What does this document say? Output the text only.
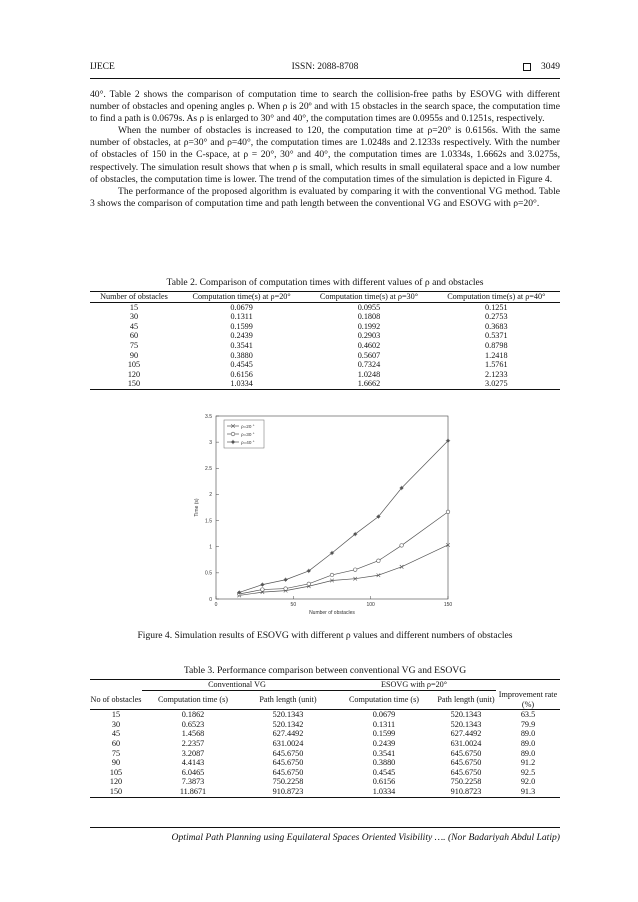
IJECE	ISSN: 2088-8708	3049

40°. Table 2 shows the comparison of computation time to search the collision-free paths by ESOVG with different number of obstacles and opening angles ρ. When ρ is 20º and with 15 obstacles in the search space, the computation time to find a path is 0.0679s. As ρ is enlarged to 30° and 40°, the computation times are 0.0955s and 0.1251s, respectively.

When the number of obstacles is increased to 120, the computation time at ρ=20° is 0.6156s. With the same number of obstacles, at ρ=30° and ρ=40°, the computation times are 1.0248s and 2.1233s respectively. With the number of obstacles of 150 in the C-space, at ρ = 20°, 30° and 40°, the computation times are 1.0334s, 1.6662s and 3.0275s, respectively. The simulation result shows that when ρ is small, which results in small equilateral space and a low number of obstacles, the computation time is lower. The trend of the computation times of the simulation is depicted in Figure 4.

The performance of the proposed algorithm is evaluated by comparing it with the conventional VG method. Table 3 shows the comparison of computation time and path length between the conventional VG and ESOVG with ρ=20°.

Table 2. Comparison of computation times with different values of ρ and obstacles
Number of obstacles	Computation time(s) at ρ=20°	Computation time(s) at ρ=30°	Computation time(s) at ρ=40°
15	0.0679	0.0955	0.1251
30	0.1311	0.1808	0.2753
45	0.1599	0.1992	0.3683
60	0.2439	0.2903	0.5371
75	0.3541	0.4602	0.8798
90	0.3880	0.5607	1.2418
105	0.4545	0.7324	1.5761
120	0.6156	1.0248	2.1233
150	1.0334	1.6662	3.0275
0	50	100	150
0
0.5
1
1.5
2
2.5
3
3.5
Number of obstacles
Time (s)
ρ=20 °
ρ=30 °
ρ=40 °
Figure 4. Simulation results of ESOVG with different ρ values and different numbers of obstacles
Table 3. Performance comparison between conventional VG and ESOVG
	Conventional VG		ESOVG with ρ=20°		
No of obstacles	Computation time (s)	Path length (unit)	Computation time (s)	Path length (unit)	Improvement rate (%)
15	0.1862	520.1343	0.0679	520.1343	63.5
30	0.6523	520.1342	0.1311	520.1343	79.9
45	1.4568	627.4492	0.1599	627.4492	89.0
60	2.2357	631.0024	0.2439	631.0024	89.0
75	3.2087	645.6750	0.3541	645.6750	89.0
90	4.4143	645.6750	0.3880	645.6750	91.2
105	6.0465	645.6750	0.4545	645.6750	92.5
120	7.3873	750.2258	0.6156	750.2258	92.0
150	11.8671	910.8723	1.0334	910.8723	91.3
Optimal Path Planning using Equilateral Spaces Oriented Visibility …. (Nor Badariyah Abdul Latip)
